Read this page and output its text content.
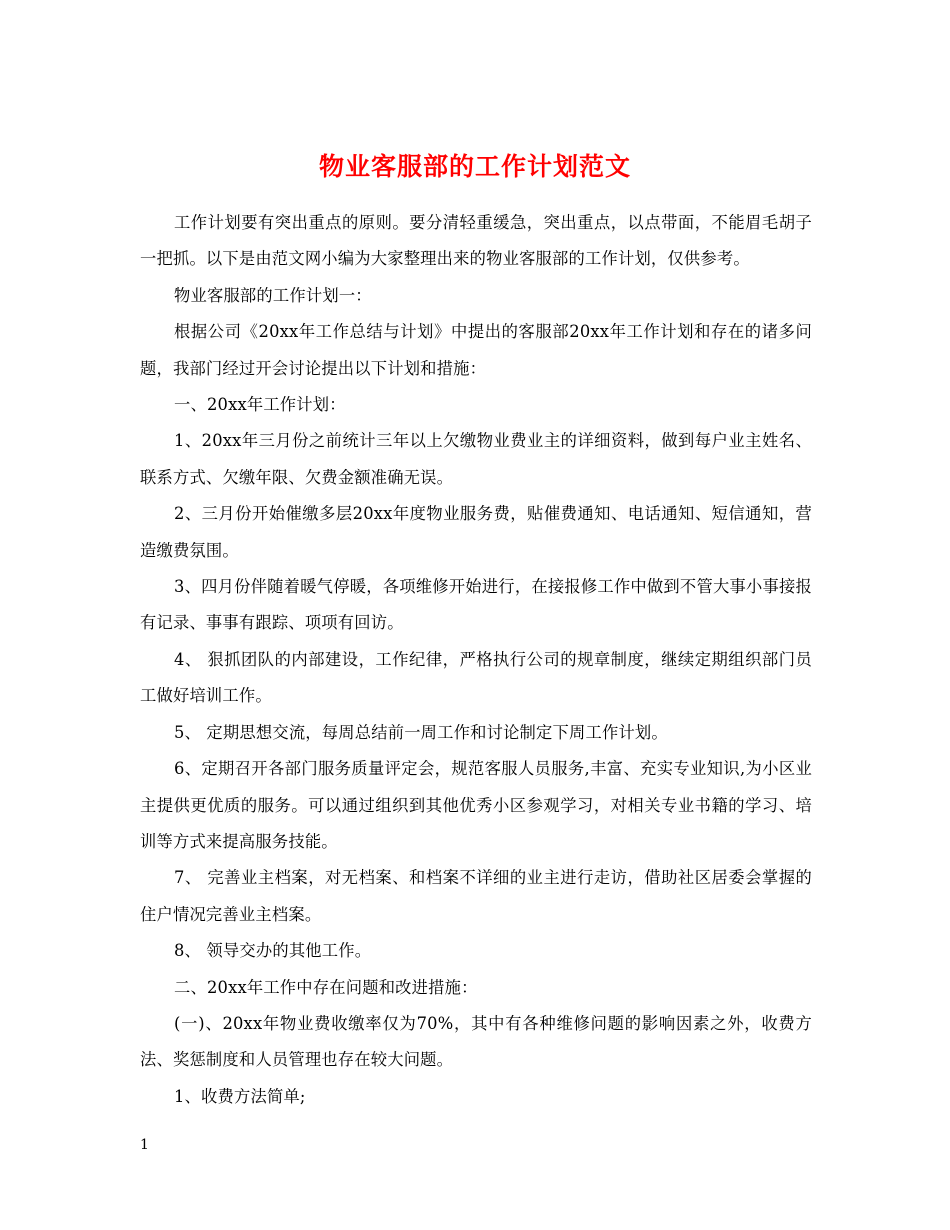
物业客服部的工作计划范文

工作计划要有突出重点的原则。要分清轻重缓急，突出重点，以点带面，不能眉毛胡子一把抓。以下是由范文网小编为大家整理出来的物业客服部的工作计划，仅供参考。

物业客服部的工作计划一：

根据公司《20xx年工作总结与计划》中提出的客服部20xx年工作计划和存在的诸多问题，我部门经过开会讨论提出以下计划和措施：

一、20xx年工作计划：

1、20xx年三月份之前统计三年以上欠缴物业费业主的详细资料，做到每户业主姓名、联系方式、欠缴年限、欠费金额准确无误。

2、三月份开始催缴多层20xx年度物业服务费，贴催费通知、电话通知、短信通知，营造缴费氛围。

3、四月份伴随着暖气停暖，各项维修开始进行，在接报修工作中做到不管大事小事接报有记录、事事有跟踪、项项有回访。

4、 狠抓团队的内部建设，工作纪律，严格执行公司的规章制度，继续定期组织部门员工做好培训工作。

5、 定期思想交流，每周总结前一周工作和讨论制定下周工作计划。

6、定期召开各部门服务质量评定会，规范客服人员服务,丰富、充实专业知识,为小区业主提供更优质的服务。可以通过组织到其他优秀小区参观学习，对相关专业书籍的学习、培训等方式来提高服务技能。

7、 完善业主档案，对无档案、和档案不详细的业主进行走访，借助社区居委会掌握的住户情况完善业主档案。

8、 领导交办的其他工作。

二、20xx年工作中存在问题和改进措施：

(一)、20xx年物业费收缴率仅为70%，其中有各种维修问题的影响因素之外，收费方法、奖惩制度和人员管理也存在较大问题。

1、收费方法简单;

1
